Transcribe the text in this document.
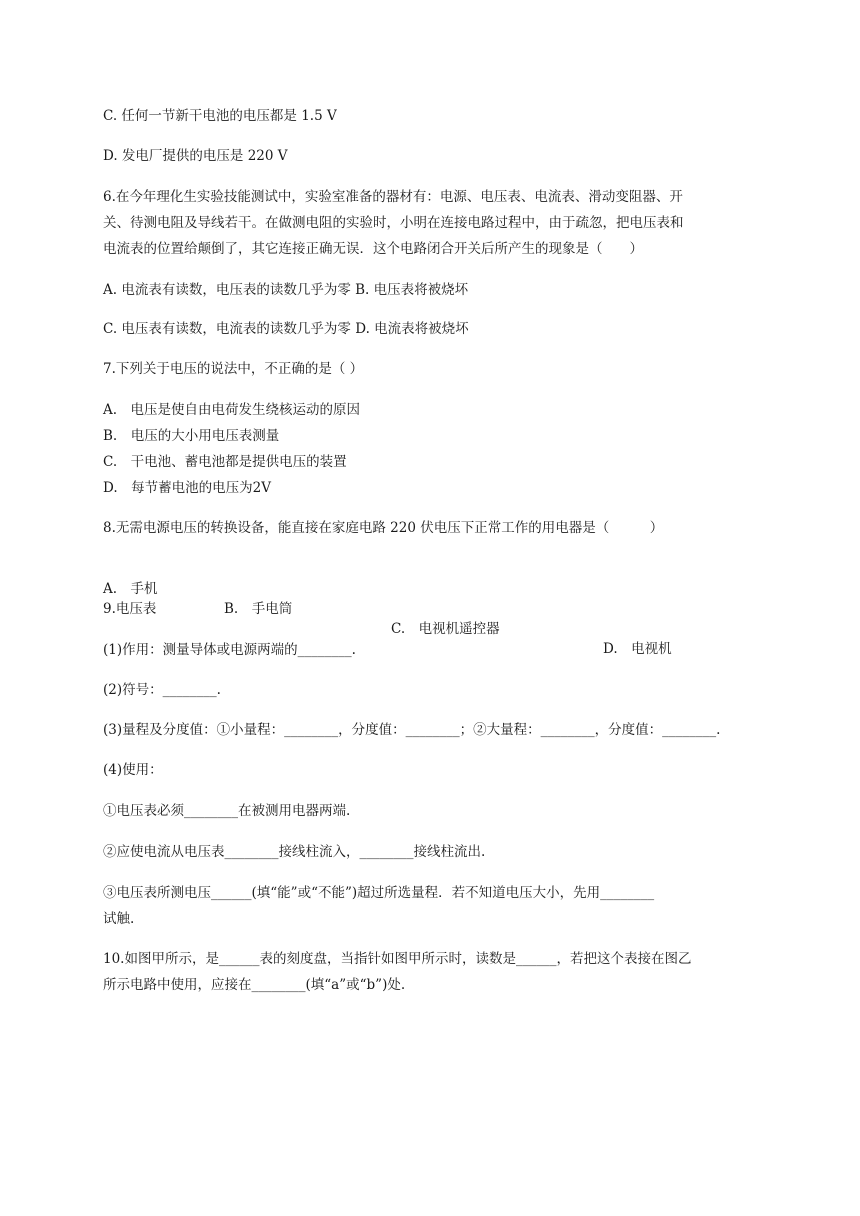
C. 任何一节新干电池的电压都是 1.5 V
D. 发电厂提供的电压是 220 V
6.在今年理化生实验技能测试中，实验室准备的器材有：电源、电压表、电流表、滑动变阻器、开
关、待测电阻及导线若干。在做测电阻的实验时，小明在连接电路过程中，由于疏忽，把电压表和
电流表的位置给颠倒了，其它连接正确无误．这个电路闭合开关后所产生的现象是（　　）
A. 电流表有读数，电压表的读数几乎为零 B. 电压表将被烧坏
C. 电压表有读数，电流表的读数几乎为零 D. 电流表将被烧坏
7.下列关于电压的说法中，不正确的是（ ）
A.　电压是使自由电荷发生绕核运动的原因
B.　电压的大小用电压表测量
C.　干电池、蓄电池都是提供电压的装置
D.　每节蓄电池的电压为2V
8.无需电源电压的转换设备，能直接在家庭电路 220 伏电压下正常工作的用电器是（　　　）

A.　手机

B.　手电筒

C.　电视机遥控器

D.　电视机

9.电压表
(1)作用：测量导体或电源两端的________.
(2)符号：________.
(3)量程及分度值：①小量程：________，分度值：________；②大量程：________，分度值：________.
(4)使用：
①电压表必须________在被测用电器两端.
②应使电流从电压表________接线柱流入，________接线柱流出.
③电压表所测电压______(填“能”或“不能”)超过所选量程．若不知道电压大小，先用________
试触.
10.如图甲所示，是______表的刻度盘，当指针如图甲所示时，读数是______，若把这个表接在图乙
所示电路中使用，应接在________(填“a”或“b”)处.
